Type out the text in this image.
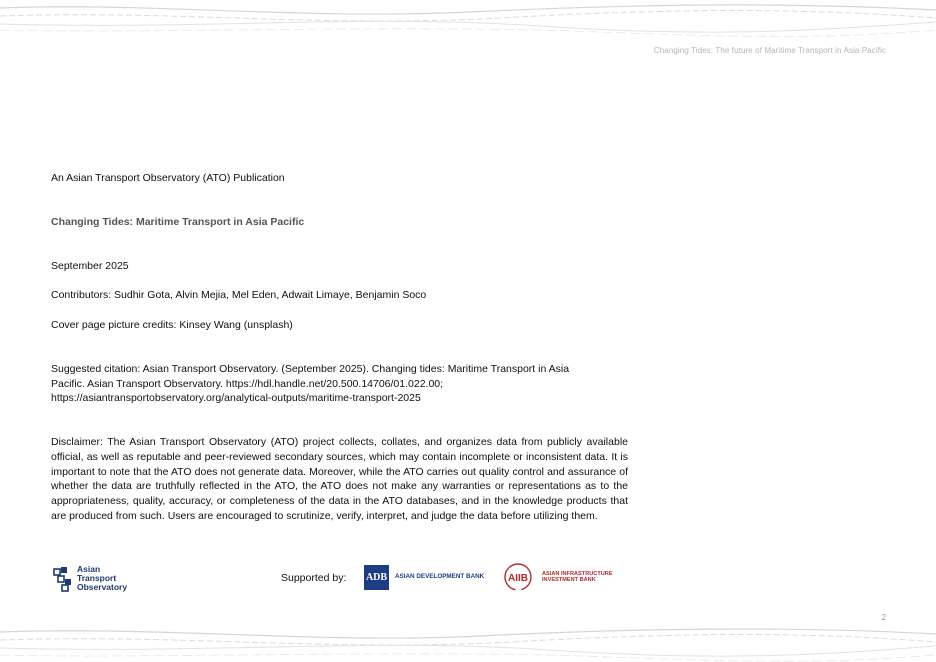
Changing Tides: The future of Maritime Transport in Asia Pacific
An Asian Transport Observatory (ATO) Publication
Changing Tides: Maritime Transport in Asia Pacific
September 2025
Contributors: Sudhir Gota, Alvin Mejia, Mel Eden, Adwait Limaye, Benjamin Soco
Cover page picture credits: Kinsey Wang (unsplash)
Suggested citation: Asian Transport Observatory. (September 2025). Changing tides: Maritime Transport in Asia
Pacific. Asian Transport Observatory. https://hdl.handle.net/20.500.14706/01.022.00;
https://asiantransportobservatory.org/analytical-outputs/maritime-transport-2025
Disclaimer: The Asian Transport Observatory (ATO) project collects, collates, and organizes data from publicly available official, as well as reputable and peer-reviewed secondary sources, which may contain incomplete or inconsistent data. It is important to note that the ATO does not generate data. Moreover, while the ATO carries out quality control and assurance of whether the data are truthfully reflected in the ATO, the ATO does not make any warranties or representations as to the appropriateness, quality, accuracy, or completeness of the data in the ATO databases, and in the knowledge products that are produced from such. Users are encouraged to scrutinize, verify, interpret, and judge the data before utilizing them.
Asian
Transport
Observatory
Supported by: ADB	ASIAN DEVELOPMENT BANK AIIB	ASIAN INFRASTRUCTURE
INVESTMENT BANK
2
